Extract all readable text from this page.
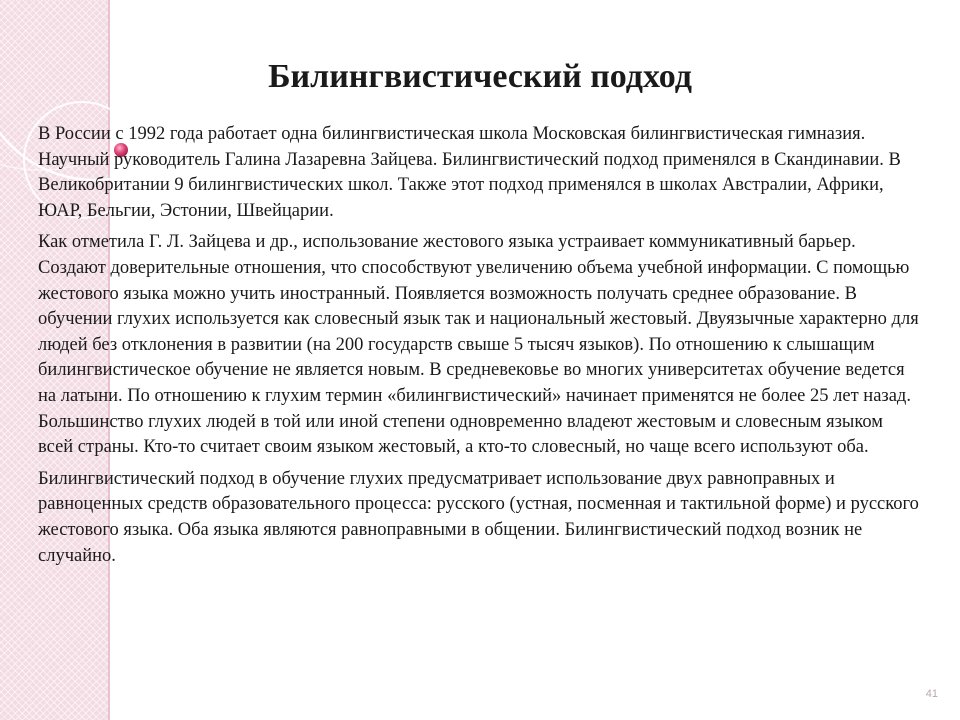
Билингвистический подход

В России с 1992 года работает одна билингвистическая школа Московская билингвистическая гимназия. Научный руководитель Галина Лазаревна Зайцева. Билингвистический подход применялся в Скандинавии. В Великобритании 9 билингвистических школ. Также этот подход применялся в школах Австралии, Африки, ЮАР, Бельгии, Эстонии, Швейцарии.

Как отметила Г. Л. Зайцева и др., использование жестового языка устраивает коммуникативный барьер. Создают доверительные отношения, что способствуют увеличению объема учебной информации. С помощью жестового языка можно учить иностранный. Появляется возможность получать среднее образование. В обучении глухих используется как словесный язык так и национальный жестовый. Двуязычные характерно для людей без отклонения в развитии (на 200 государств свыше 5 тысяч языков). По отношению к слышащим билингвистическое обучение не является новым. В средневековье во многих университетах обучение ведется на латыни. По отношению к глухим термин «билингвистический» начинает применятся не более 25 лет назад. Большинство глухих людей в той или иной степени одновременно владеют жестовым и словесным языком всей страны. Кто-то считает своим языком жестовый, а кто-то словесный, но чаще всего используют оба.

Билингвистический подход в обучение глухих предусматривает использование двух равноправных и равноценных средств образовательного процесса: русского (устная, посменная и тактильной форме) и русского жестового языка. Оба языка являются равноправными в общении. Билингвистический подход возник не случайно.

41
